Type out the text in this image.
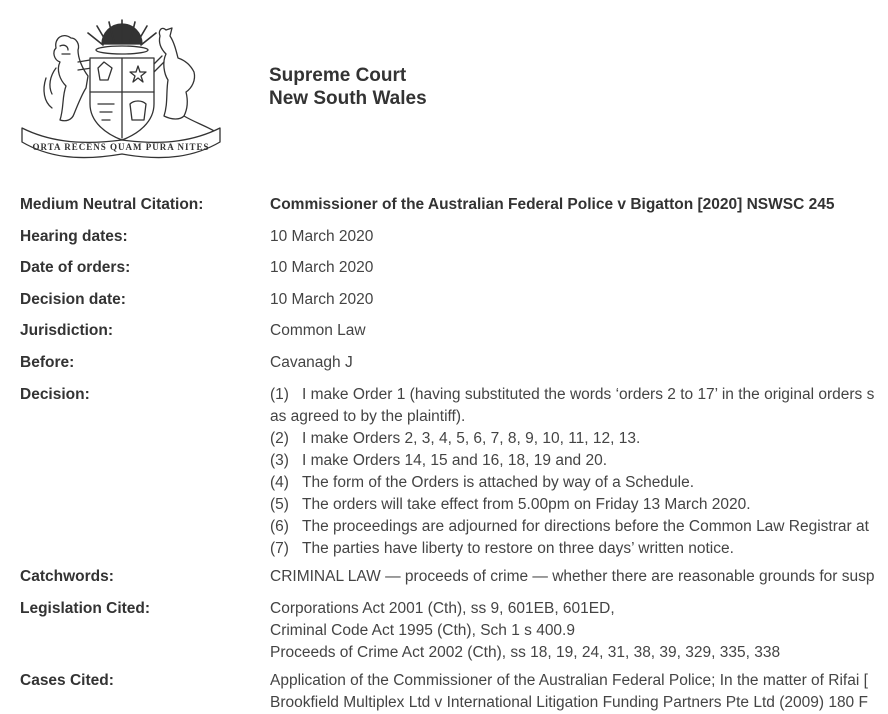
ORTA RECENS QUAM PURA NITES
Supreme Court
New South Wales
Medium Neutral Citation:	Commissioner of the Australian Federal Police v Bigatton [2020] NSWSC 245
Hearing dates:	10 March 2020
Date of orders:	10 March 2020
Decision date:	10 March 2020
Jurisdiction:	Common Law
Before:	Cavanagh J
Decision:	(1) I make Order 1 (having substituted the words ‘orders 2 to 17’ in the original orders s
as agreed to by the plaintiff).
(2) I make Orders 2, 3, 4, 5, 6, 7, 8, 9, 10, 11, 12, 13.
(3) I make Orders 14, 15 and 16, 18, 19 and 20.
(4) The form of the Orders is attached by way of a Schedule.
(5) The orders will take effect from 5.00pm on Friday 13 March 2020.
(6) The proceedings are adjourned for directions before the Common Law Registrar at
(7) The parties have liberty to restore on three days’ written notice.
Catchwords:	CRIMINAL LAW — proceeds of crime — whether there are reasonable grounds for susp
Legislation Cited:	Corporations Act 2001 (Cth), ss 9, 601EB, 601ED,
Criminal Code Act 1995 (Cth), Sch 1 s 400.9
Proceeds of Crime Act 2002 (Cth), ss 18, 19, 24, 31, 38, 39, 329, 335, 338
Cases Cited:	Application of the Commissioner of the Australian Federal Police; In the matter of Rifai [
Brookfield Multiplex Ltd v International Litigation Funding Partners Pte Ltd (2009) 180 F
